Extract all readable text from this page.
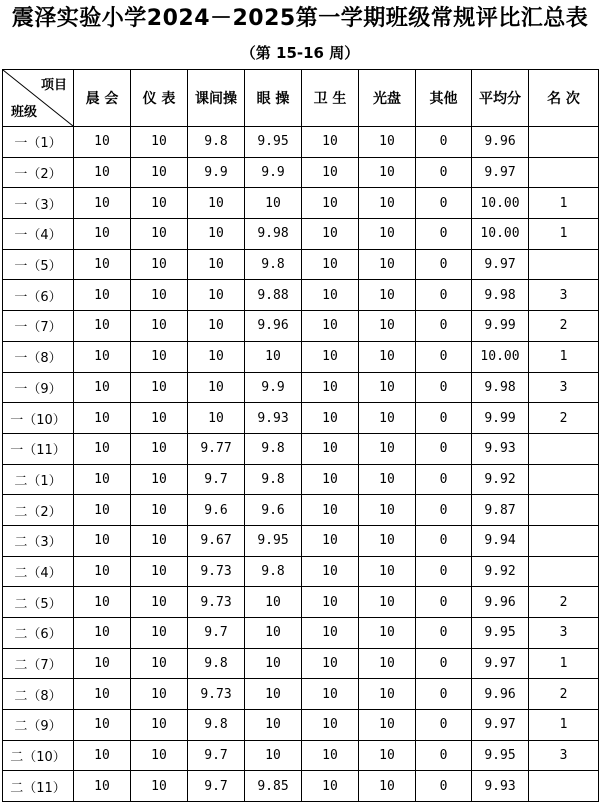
震泽实验小学2024－2025第一学期班级常规评比汇总表
（第 15-16 周）
项目
班级	晨 会	仪 表	课间操	眼 操	卫 生	光盘	其他	平均分	名 次
一（1）	10	10	9.8	9.95	10	10	0	9.96	
一（2）	10	10	9.9	9.9	10	10	0	9.97	
一（3）	10	10	10	10	10	10	0	10.00	1
一（4）	10	10	10	9.98	10	10	0	10.00	1
一（5）	10	10	10	9.8	10	10	0	9.97	
一（6）	10	10	10	9.88	10	10	0	9.98	3
一（7）	10	10	10	9.96	10	10	0	9.99	2
一（8）	10	10	10	10	10	10	0	10.00	1
一（9）	10	10	10	9.9	10	10	0	9.98	3
一（10）	10	10	10	9.93	10	10	0	9.99	2
一（11）	10	10	9.77	9.8	10	10	0	9.93	
二（1）	10	10	9.7	9.8	10	10	0	9.92	
二（2）	10	10	9.6	9.6	10	10	0	9.87	
二（3）	10	10	9.67	9.95	10	10	0	9.94	
二（4）	10	10	9.73	9.8	10	10	0	9.92	
二（5）	10	10	9.73	10	10	10	0	9.96	2
二（6）	10	10	9.7	10	10	10	0	9.95	3
二（7）	10	10	9.8	10	10	10	0	9.97	1
二（8）	10	10	9.73	10	10	10	0	9.96	2
二（9）	10	10	9.8	10	10	10	0	9.97	1
二（10）	10	10	9.7	10	10	10	0	9.95	3
二（11）	10	10	9.7	9.85	10	10	0	9.93	
